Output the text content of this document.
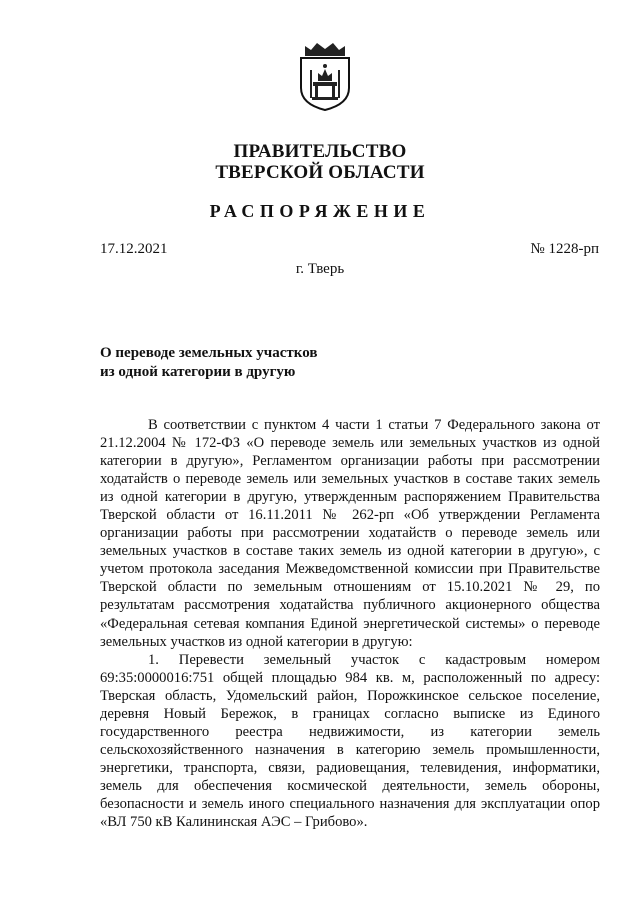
ПРАВИТЕЛЬСТВО
ТВЕРСКОЙ ОБЛАСТИ
РАСПОРЯЖЕНИЕ
17.12.2021	№ 1228-рп
г. Тверь
О переводе земельных участков
из одной категории в другую

В соответствии с пунктом 4 части 1 статьи 7 Федерального закона от 21.12.2004 № 172-ФЗ «О переводе земель или земельных участков из одной категории в другую», Регламентом организации работы при рассмотрении ходатайств о переводе земель или земельных участков в составе таких земель из одной категории в другую, утвержденным распоряжением Правительства Тверской области от 16.11.2011 № 262-рп «Об утверждении Регламента организации работы при рассмотрении ходатайств о переводе земель или земельных участков в составе таких земель из одной категории в другую», с учетом протокола заседания Межведомственной комиссии при Правительстве Тверской области по земельным отношениям от 15.10.2021 № 29, по результатам рассмотрения ходатайства публичного акционерного общества «Федеральная сетевая компания Единой энергетической системы» о переводе земельных участков из одной категории в другую:

1. Перевести земельный участок с кадастровым номером 69:35:0000016:751 общей площадью 984 кв. м, расположенный по адресу: Тверская область, Удомельский район, Порожкинское сельское поселение, деревня Новый Бережок, в границах согласно выписке из Единого государственного реестра недвижимости, из категории земель сельскохозяйственного назначения в категорию земель промышленности, энергетики, транспорта, связи, радиовещания, телевидения, информатики, земель для обеспечения космической деятельности, земель обороны, безопасности и земель иного специального назначения для эксплуатации опор «ВЛ 750 кВ Калининская АЭС – Грибово».
